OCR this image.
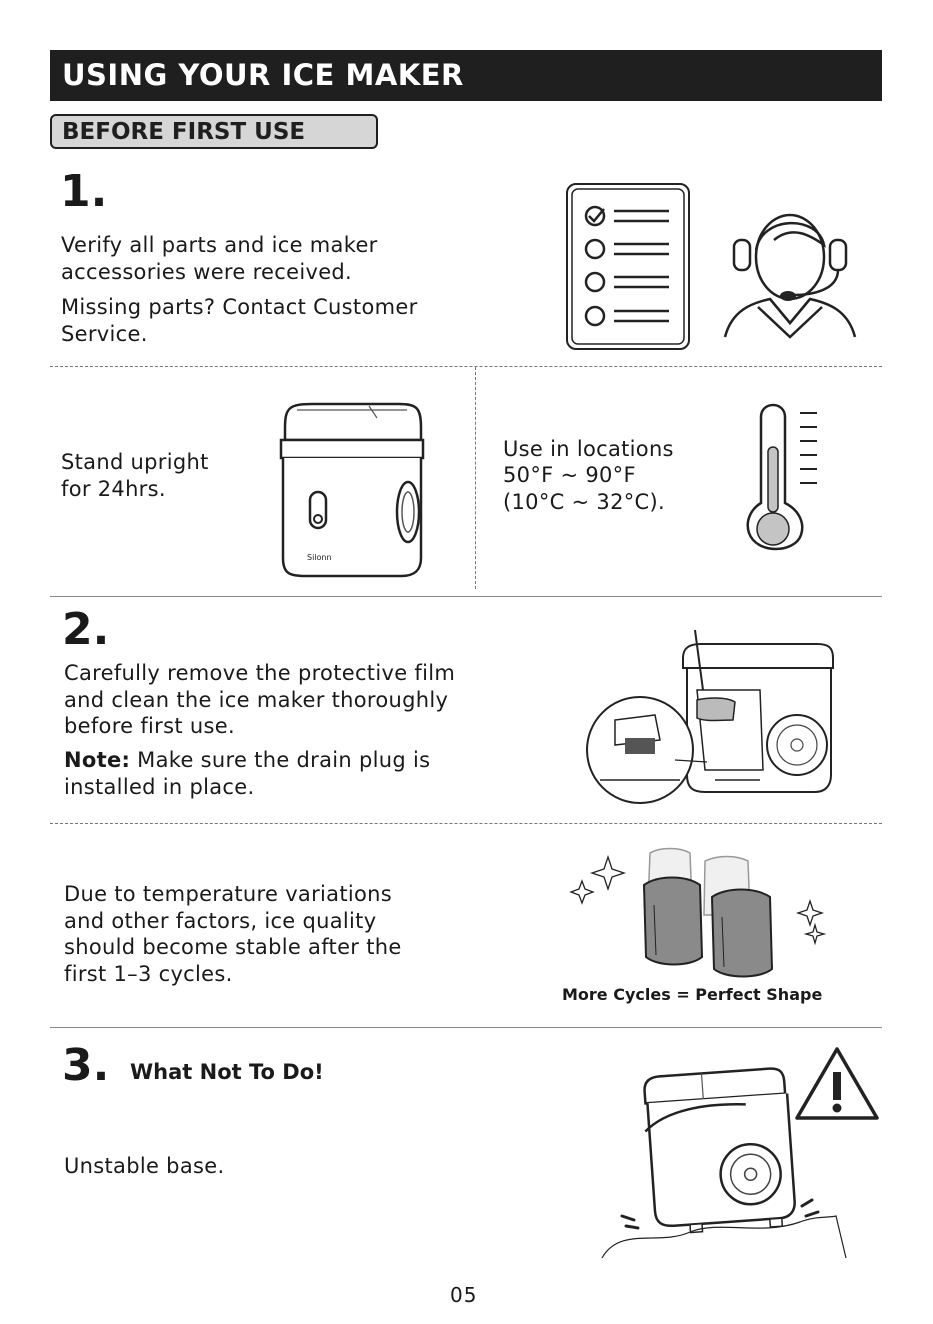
USING YOUR ICE MAKER
BEFORE FIRST USE
1.
Verify all parts and ice maker
accessories were received.
Missing parts? Contact Customer
Service.
Stand upright
for 24hrs.
Silonn
Use in locations
50°F ~ 90°F
(10°C ~ 32°C).
2.
Carefully remove the protective film
and clean the ice maker thoroughly
before first use.
Note: Make sure the drain plug is
installed in place.
Due to temperature variations
and other factors, ice quality
should become stable after the
first 1–3 cycles.
More Cycles = Perfect Shape
3. What Not To Do!
Unstable base.
05
